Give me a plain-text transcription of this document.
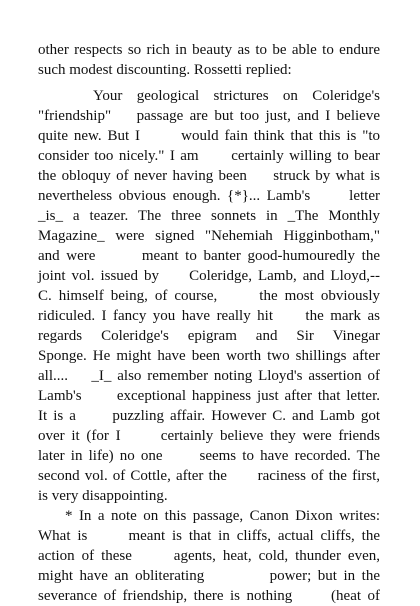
other respects so rich in beauty as to be able to endure
such modest discounting. Rossetti replied:
Your geological strictures on Coleridge's
"friendship"    passage are but too just, and I believe
quite new. But I       would fain think that this is "to
consider too nicely." I am      certainly willing to bear
the obloquy of never having been     struck by what is
nevertheless obvious enough. {*}... Lamb's      letter
_is_ a teazer. The three sonnets in _The Monthly
Magazine_ were signed "Nehemiah Higginbotham,"
and were       meant to banter good-humouredly the
joint vol. issued by     Coleridge, Lamb, and Lloyd,--
C. himself being, of course,      the most obviously
ridiculed. I fancy you have really hit     the mark as
regards Coleridge's epigram and Sir Vinegar
Sponge. He might have been worth two shillings after
all....    _I_ also remember noting Lloyd's assertion of
Lamb's      exceptional happiness just after that letter.
It is a      puzzling affair. However C. and Lamb got
over it (for I      certainly believe they were friends
later in life) no one      seems to have recorded. The
second vol. of Cottle, after the      raciness of the first,
is very disappointing.
* In a note on this passage, Canon Dixon writes:
What is      meant is that in cliffs, actual cliffs, the
action of these      agents, heat, cold, thunder even,
might have an obliterating          power; but in the
severance of friendship, there is nothing      (heat of
